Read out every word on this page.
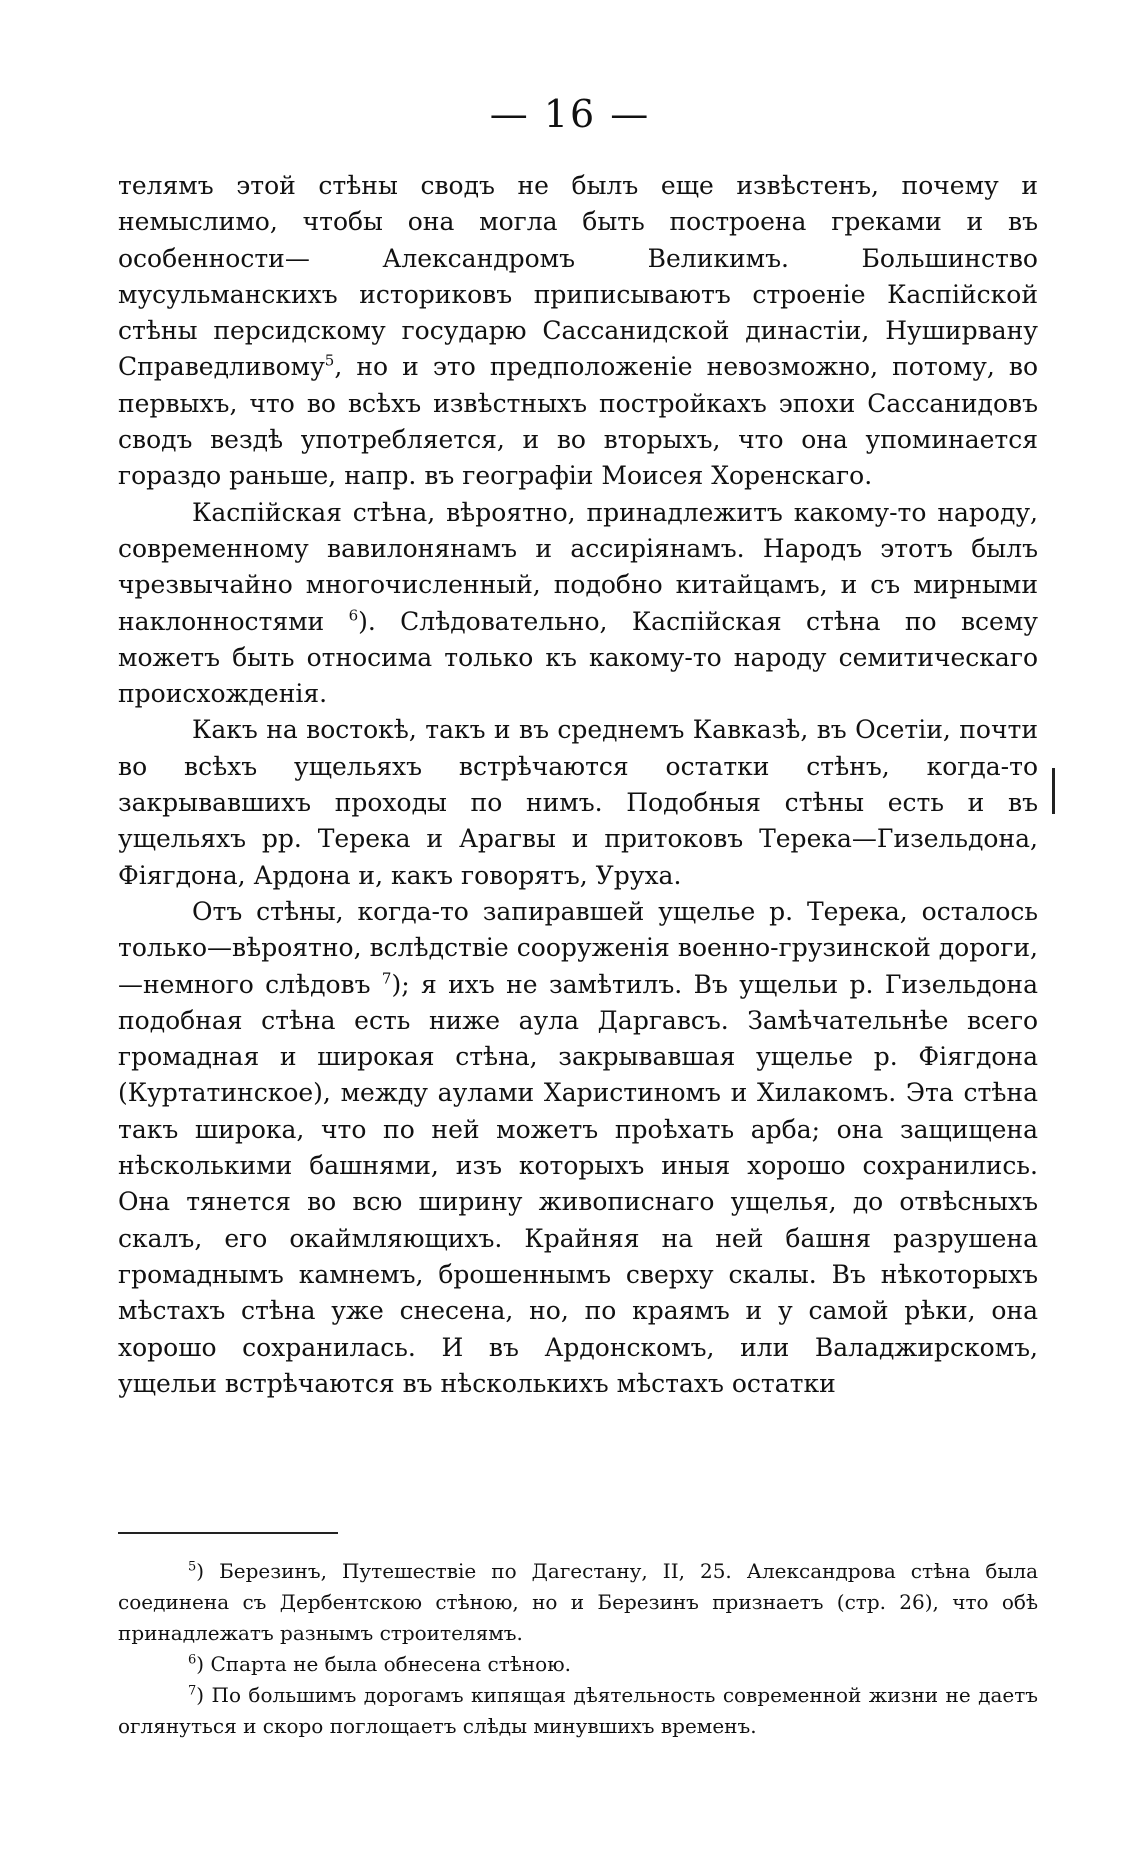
— 16 —

телямъ этой стѣны сводъ не былъ еще извѣстенъ, почему и немыслимо, чтобы она могла быть построена греками и въ особенности— Александромъ Великимъ. Большинство мусульманскихъ историковъ приписываютъ строеніе Каспійской стѣны персидскому государю Сассанидской династіи, Нуширвану Справедливому$^5$, но и это предположеніе невозможно, потому, во первыхъ, что во всѣхъ извѣстныхъ постройкахъ эпохи Сассанидовъ сводъ вездѣ употребляется, и во вторыхъ, что она упоминается гораздо раньше, напр. въ географіи Моисея Хоренскаго.

Каспійская стѣна, вѣроятно, принадлежитъ какому-то народу, современному вавилонянамъ и ассиріянамъ. Народъ этотъ былъ чрезвычайно многочисленный, подобно китайцамъ, и съ мирными наклонностями $^6$). Слѣдовательно, Каспійская стѣна по всему можетъ быть относима только къ какому-то народу семитическаго происхожденія.

Какъ на востокѣ, такъ и въ среднемъ Кавказѣ, въ Осетіи, почти во всѣхъ ущельяхъ встрѣчаются остатки стѣнъ, когда-то закрывавшихъ проходы по нимъ. Подобныя стѣны есть и въ ущельяхъ рр. Терека и Арагвы и притоковъ Терека—Гизельдона, Фіягдона, Ардона и, какъ говорятъ, Уруха.

Отъ стѣны, когда-то запиравшей ущелье р. Терека, осталось только—вѣроятно, вслѣдствіе сооруженія военно-грузинской дороги,—немного слѣдовъ $^7$); я ихъ не замѣтилъ. Въ ущельи р. Гизельдона подобная стѣна есть ниже аула Даргавсъ. Замѣчательнѣе всего громадная и широкая стѣна, закрывавшая ущелье р. Фіягдона (Куртатинское), между аулами Харистиномъ и Хилакомъ. Эта стѣна такъ широка, что по ней можетъ проѣхать арба; она защищена нѣсколькими башнями, изъ которыхъ иныя хорошо сохранились. Она тянется во всю ширину живописнаго ущелья, до отвѣсныхъ скалъ, его окаймляющихъ. Крайняя на ней башня разрушена громаднымъ камнемъ, брошеннымъ сверху скалы. Въ нѣкоторыхъ мѣстахъ стѣна уже снесена, но, по краямъ и у самой рѣки, она хорошо сохранилась. И въ Ардонскомъ, или Валаджирскомъ, ущельи встрѣчаются въ нѣсколькихъ мѣстахъ остатки

$^5$) Березинъ, Путешествіе по Дагестану, II, 25. Александрова стѣна была соединена съ Дербентскою стѣною, но и Березинъ признаетъ (стр. 26), что обѣ принадлежатъ разнымъ строителямъ.

$^6$) Спарта не была обнесена стѣною.

$^7$) По большимъ дорогамъ кипящая дѣятельность современной жизни не даетъ оглянуться и скоро поглощаетъ слѣды минувшихъ временъ.
